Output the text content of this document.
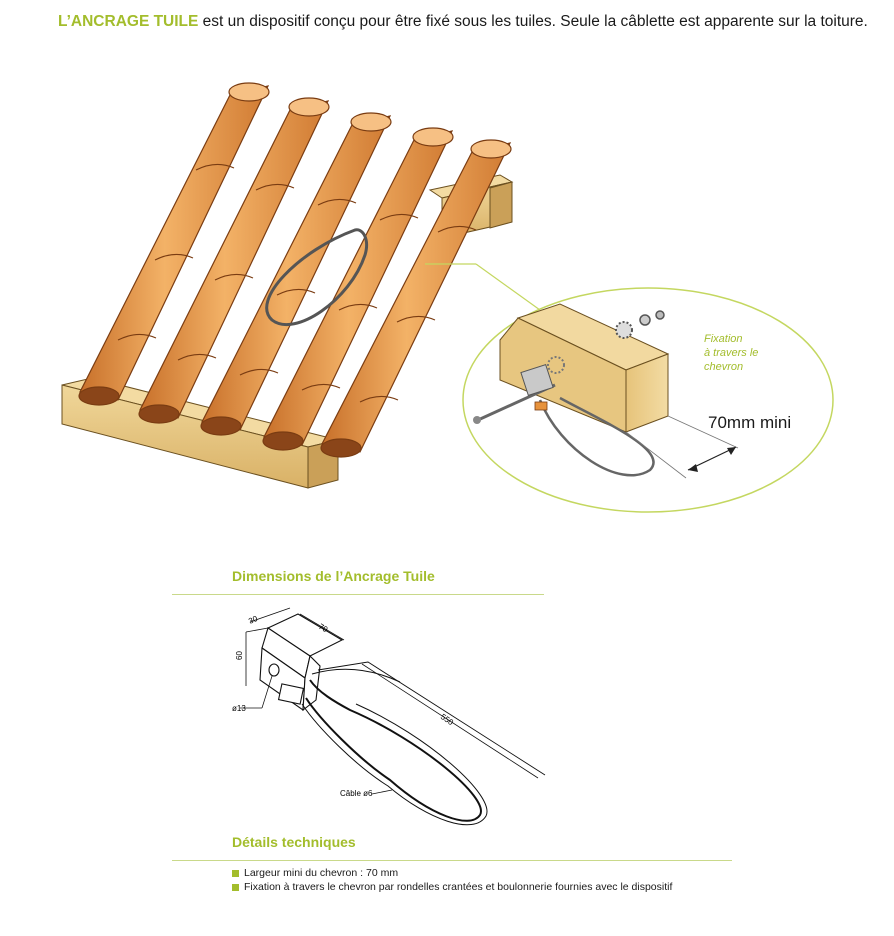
L’ANCRAGE TUILE est un dispositif conçu pour être fixé sous les tuiles. Seule la câblette est apparente sur la toiture.

Fixation
à travers le
chevron
70mm mini
Dimensions de l’Ancrage Tuile
30
70
60
ø13
550
Câble ø6
Détails techniques
Largeur mini du chevron : 70 mm
Fixation à travers le chevron par rondelles crantées et boulonnerie fournies avec le dispositif
